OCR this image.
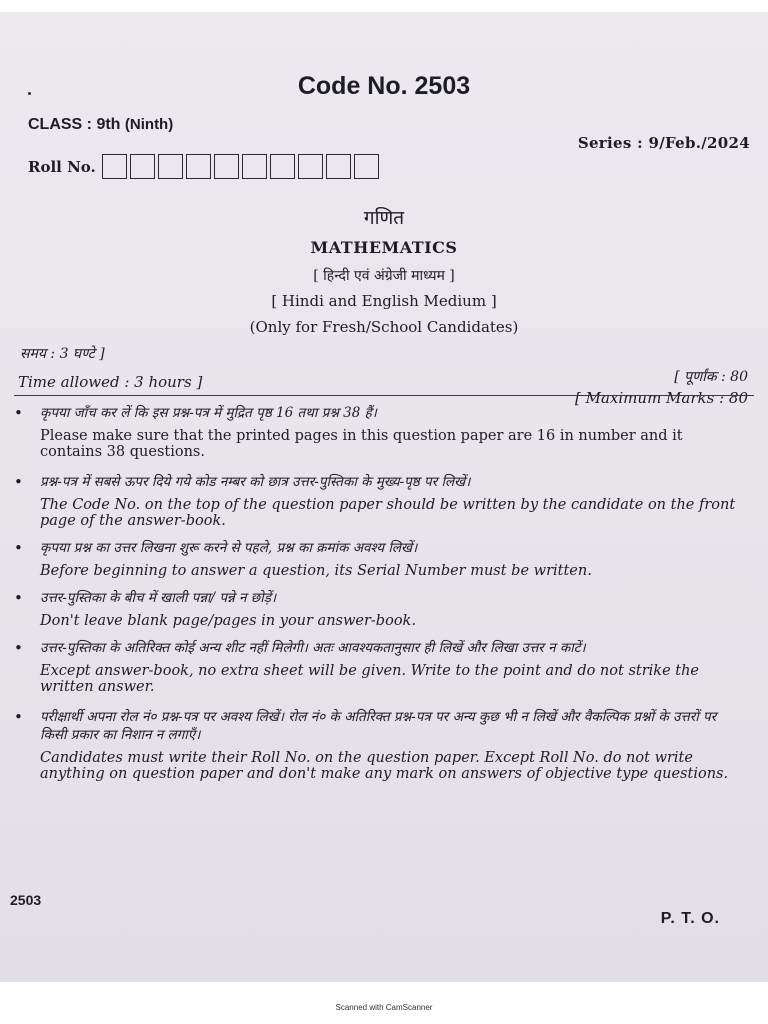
Code No. 2503
CLASS : 9th (Ninth)
Series : 9/Feb./2024
Roll No.
गणित
MATHEMATICS
[ हिन्दी एवं अंग्रेजी माध्यम ]
[ Hindi and English Medium ]
(Only for Fresh/School Candidates)
समय : 3 घण्टे ]
[ पूर्णांक : 80
Time allowed : 3 hours ]
[ Maximum Marks : 80
• कृपया जाँच कर लें कि इस प्रश्न-पत्र में मुद्रित पृष्ठ 16 तथा प्रश्न 38 हैं।
Please make sure that the printed pages in this question paper are 16 in number and it contains 38 questions.
• प्रश्न-पत्र में सबसे ऊपर दिये गये कोड नम्बर को छात्र उत्तर-पुस्तिका के मुख्य-पृष्ठ पर लिखें।
The Code No. on the top of the question paper should be written by the candidate on the front page of the answer-book.
• कृपया प्रश्न का उत्तर लिखना शुरू करने से पहले, प्रश्न का क्रमांक अवश्य लिखें।
Before beginning to answer a question, its Serial Number must be written.
• उत्तर-पुस्तिका के बीच में खाली पन्ना/ पन्ने न छोड़ें।
Don't leave blank page/pages in your answer-book.
• उत्तर-पुस्तिका के अतिरिक्त कोई अन्य शीट नहीं मिलेगी। अतः आवश्यकतानुसार ही लिखें और लिखा उत्तर न काटें।
Except answer-book, no extra sheet will be given. Write to the point and do not strike the written answer.
• परीक्षार्थी अपना रोल नं० प्रश्न-पत्र पर अवश्य लिखें। रोल नं० के अतिरिक्त प्रश्न-पत्र पर अन्य कुछ भी न लिखें और वैकल्पिक प्रश्नों के उत्तरों पर किसी प्रकार का निशान न लगाएँ।
Candidates must write their Roll No. on the question paper. Except Roll No. do not write anything on question paper and don't make any mark on answers of objective type questions.
2503
P. T. O.
Scanned with CamScanner
